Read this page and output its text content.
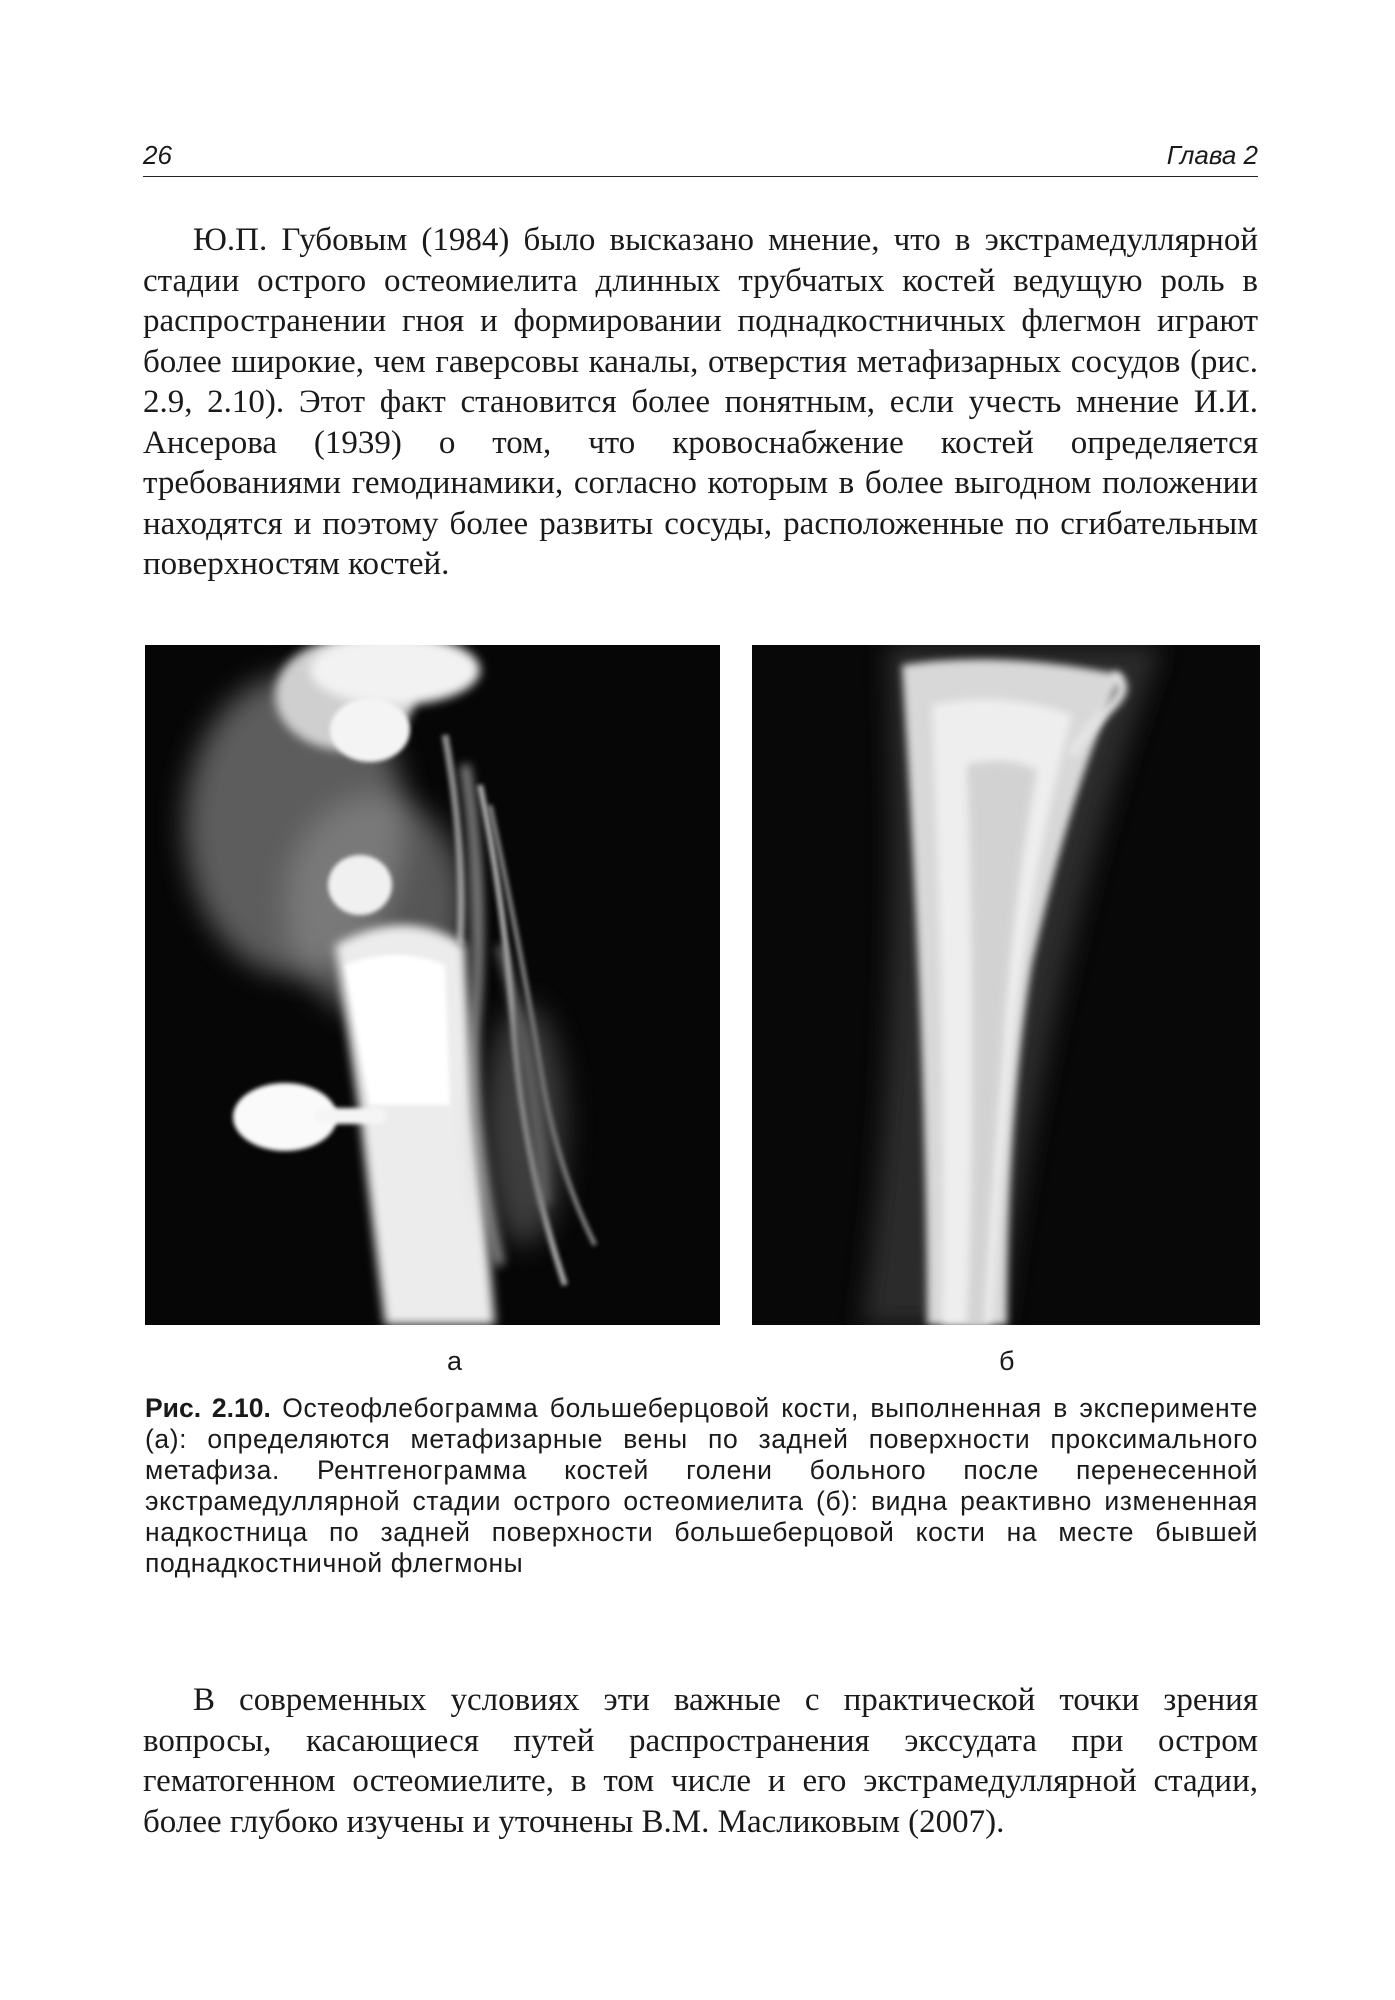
26	Глава 2

Ю.П. Губовым (1984) было высказано мнение, что в экстрамедуллярной стадии острого остеомиелита длинных трубчатых костей ведущую роль в распространении гноя и формировании поднадкостничных флегмон играют более широкие, чем гаверсовы каналы, отверстия метафизарных сосудов (рис. 2.9, 2.10). Этот факт становится более понятным, если учесть мнение И.И. Ансерова (1939) о том, что кровоснабжение костей определяется требованиями гемодинамики, согласно которым в более выгодном положении находятся и поэтому более развиты сосуды, расположенные по сгибательным поверхностям костей.

а	б

Рис. 2.10. Остеофлебограмма большеберцовой кости, выполненная в эксперименте (а): определяются метафизарные вены по задней поверхности проксимального метафиза. Рентгенограмма костей голени больного после перенесенной экстрамедуллярной стадии острого остеомиелита (б): видна реактивно измененная надкостница по задней поверхности большеберцовой кости на месте бывшей поднадкостничной флегмоны

В современных условиях эти важные с практической точки зрения вопросы, касающиеся путей распространения экссудата при остром гематогенном остеомиелите, в том числе и его экстрамедуллярной стадии, более глубоко изучены и уточнены В.М. Масликовым (2007).
